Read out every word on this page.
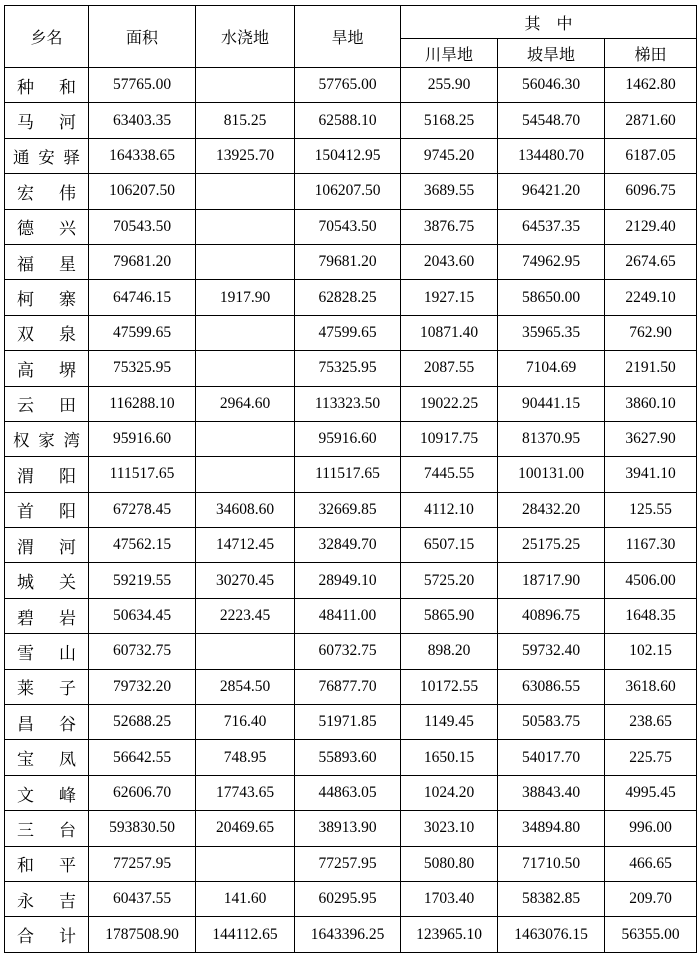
乡名	面积	水浇地	旱地	其　中		
				川旱地	坡旱地	梯田
种和	57765.00		57765.00	255.90	56046.30	1462.80
马河	63403.35	815.25	62588.10	5168.25	54548.70	2871.60
通安驿	164338.65	13925.70	150412.95	9745.20	134480.70	6187.05
宏伟	106207.50		106207.50	3689.55	96421.20	6096.75
德兴	70543.50		70543.50	3876.75	64537.35	2129.40
福星	79681.20		79681.20	2043.60	74962.95	2674.65
柯寨	64746.15	1917.90	62828.25	1927.15	58650.00	2249.10
双泉	47599.65		47599.65	10871.40	35965.35	762.90
高堺	75325.95		75325.95	2087.55	7104.69	2191.50
云田	116288.10	2964.60	113323.50	19022.25	90441.15	3860.10
权家湾	95916.60		95916.60	10917.75	81370.95	3627.90
渭阳	111517.65		111517.65	7445.55	100131.00	3941.10
首阳	67278.45	34608.60	32669.85	4112.10	28432.20	125.55
渭河	47562.15	14712.45	32849.70	6507.15	25175.25	1167.30
城关	59219.55	30270.45	28949.10	5725.20	18717.90	4506.00
碧岩	50634.45	2223.45	48411.00	5865.90	40896.75	1648.35
雪山	60732.75		60732.75	898.20	59732.40	102.15
莱子	79732.20	2854.50	76877.70	10172.55	63086.55	3618.60
昌谷	52688.25	716.40	51971.85	1149.45	50583.75	238.65
宝凤	56642.55	748.95	55893.60	1650.15	54017.70	225.75
文峰	62606.70	17743.65	44863.05	1024.20	38843.40	4995.45
三台	593830.50	20469.65	38913.90	3023.10	34894.80	996.00
和平	77257.95		77257.95	5080.80	71710.50	466.65
永吉	60437.55	141.60	60295.95	1703.40	58382.85	209.70
合计	1787508.90	144112.65	1643396.25	123965.10	1463076.15	56355.00
